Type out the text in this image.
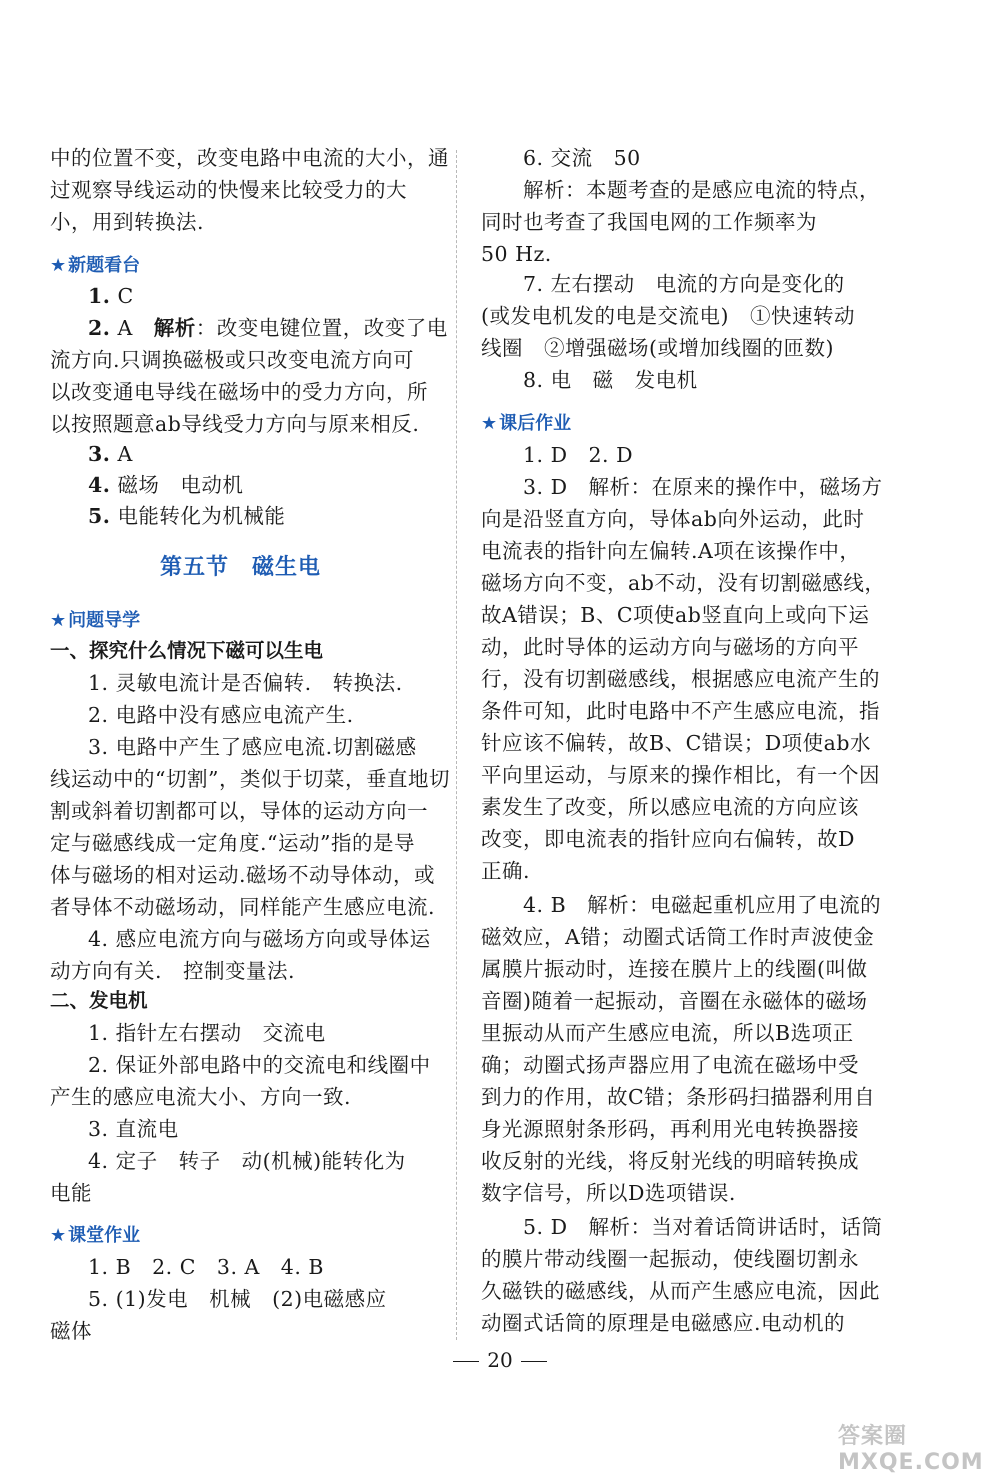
中的位置不变，改变电路中电流的大小，通
过观察导线运动的快慢来比较受力的大
小，用到转换法.
★ 新题看台
1. C
2. A　 解析：改变电键位置，改变了电
流方向.只调换磁极或只改变电流方向可
以改变通电导线在磁场中的受力方向，所
以按照题意ab导线受力方向与原来相反.
3. A
4. 磁场　电动机
5. 电能转化为机械能
第五节　磁生电
★ 问题导学
一、探究什么情况下磁可以生电
1. 灵敏电流计是否偏转.　转换法.
2. 电路中没有感应电流产生.
3. 电路中产生了感应电流.切割磁感
线运动中的“切割”，类似于切菜，垂直地切
割或斜着切割都可以，导体的运动方向一
定与磁感线成一定角度.“运动”指的是导
体与磁场的相对运动.磁场不动导体动，或
者导体不动磁场动，同样能产生感应电流.
4. 感应电流方向与磁场方向或导体运
动方向有关.　控制变量法.
二、发电机
1. 指针左右摆动　交流电
2. 保证外部电路中的交流电和线圈中
产生的感应电流大小、方向一致.
3. 直流电
4. 定子　转子　动(机械)能转化为
电能
★ 课堂作业
1. B　2. C　3. A　4. B
5. (1)发电　机械　(2)电磁感应
磁体
6. 交流　50
解析：本题考查的是感应电流的特点，
同时也考查了我国电网的工作频率为
50 Hz.
7. 左右摆动　电流的方向是变化的
(或发电机发的电是交流电)　①快速转动
线圈　②增强磁场(或增加线圈的匝数)
8. 电　磁　发电机
★ 课后作业
1. D　2. D
3. D　解析：在原来的操作中，磁场方
向是沿竖直方向，导体ab向外运动，此时
电流表的指针向左偏转.A项在该操作中，
磁场方向不变，ab不动，没有切割磁感线，
故A错误；B、C项使ab竖直向上或向下运
动，此时导体的运动方向与磁场的方向平
行，没有切割磁感线，根据感应电流产生的
条件可知，此时电路中不产生感应电流，指
针应该不偏转，故B、C错误；D项使ab水
平向里运动，与原来的操作相比，有一个因
素发生了改变，所以感应电流的方向应该
改变，即电流表的指针应向右偏转，故D
正确.
4. B　解析：电磁起重机应用了电流的
磁效应，A错；动圈式话筒工作时声波使金
属膜片振动时，连接在膜片上的线圈(叫做
音圈)随着一起振动，音圈在永磁体的磁场
里振动从而产生感应电流，所以B选项正
确；动圈式扬声器应用了电流在磁场中受
到力的作用，故C错；条形码扫描器利用自
身光源照射条形码，再利用光电转换器接
收反射的光线，将反射光线的明暗转换成
数字信号，所以D选项错误.
5. D　解析：当对着话筒讲话时，话筒
的膜片带动线圈一起振动，使线圈切割永
久磁铁的磁感线，从而产生感应电流，因此
动圈式话筒的原理是电磁感应.电动机的
20
答案圈 MXQE.COM
